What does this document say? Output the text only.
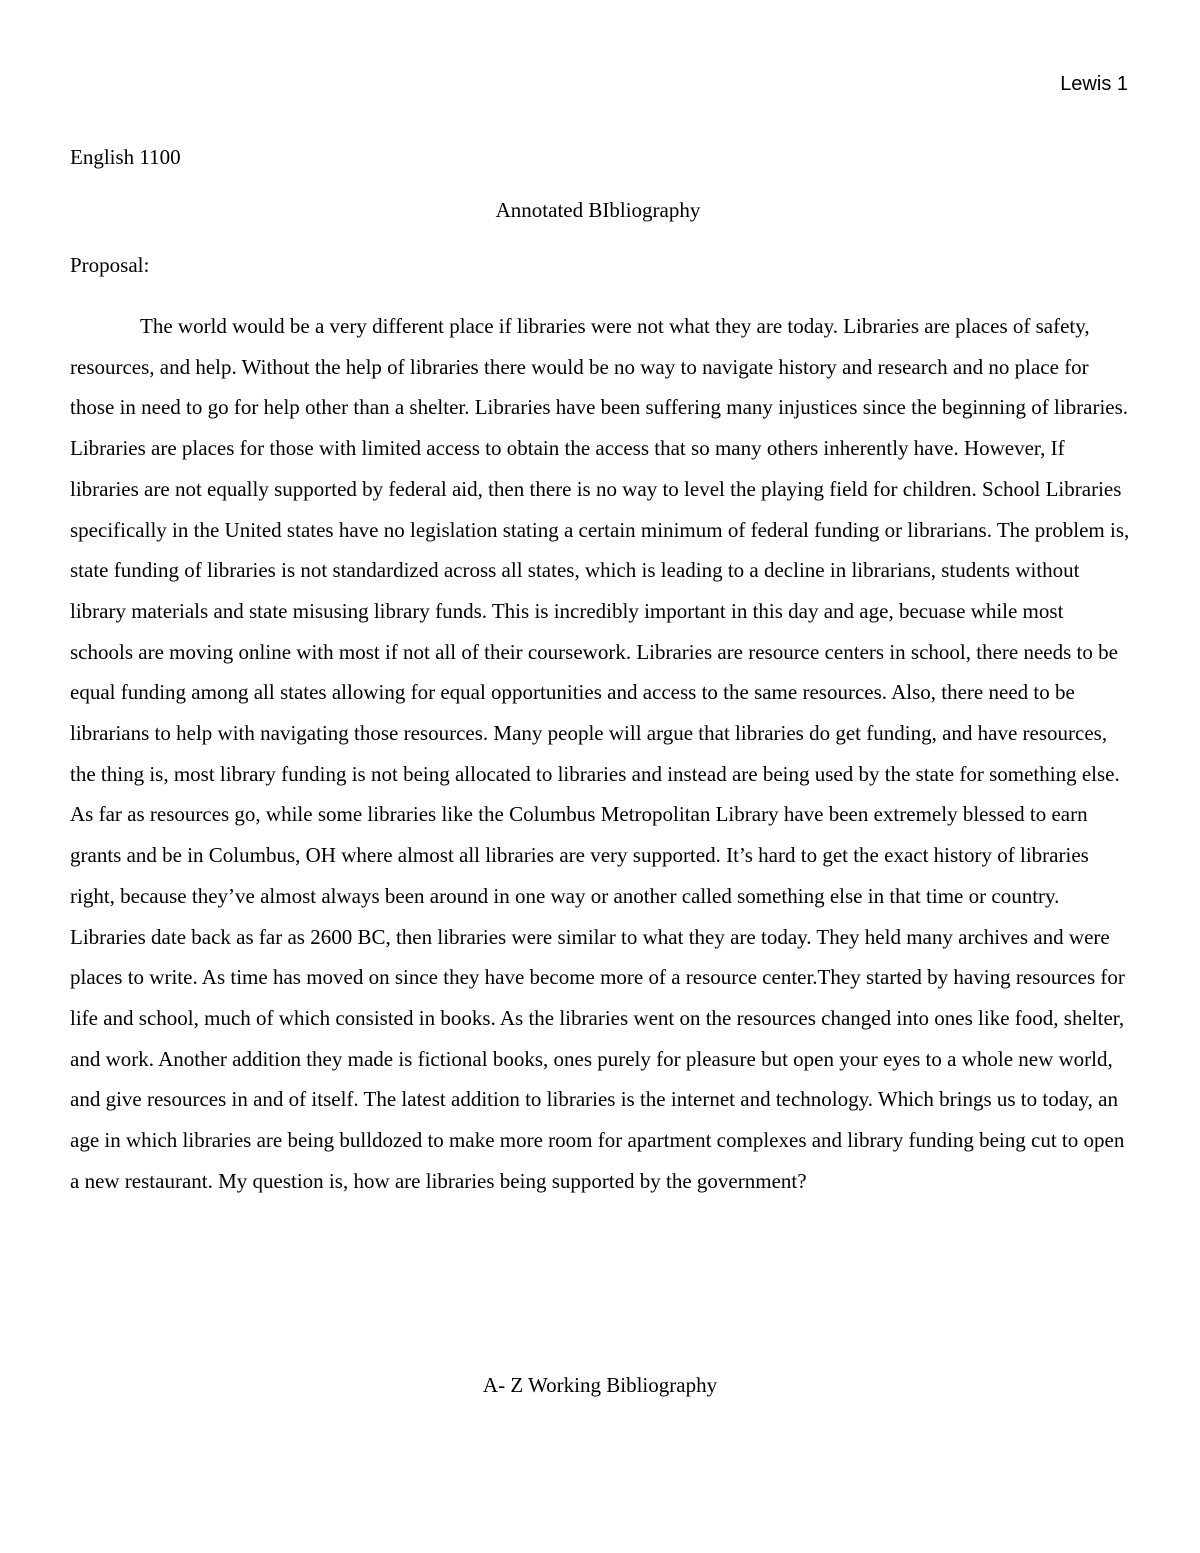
Lewis 1
English 1100
Annotated BIbliography
Proposal:

The world would be a very different place if libraries were not what they are today. Libraries are places of safety, resources, and help. Without the help of libraries there would be no way to navigate history and research and no place for those in need to go for help other than a shelter. Libraries have been suffering many injustices since the beginning of libraries. Libraries are places for those with limited access to obtain the access that so many others inherently have. However, If libraries are not equally supported by federal aid, then there is no way to level the playing field for children. School Libraries specifically in the United states have no legislation stating a certain minimum of federal funding or librarians. The problem is, state funding of libraries is not standardized across all states, which is leading to a decline in librarians, students without library materials and state misusing library funds. This is incredibly important in this day and age, becuase while most schools are moving online with most if not all of their coursework. Libraries are resource centers in school, there needs to be equal funding among all states allowing for equal opportunities and access to the same resources. Also, there need to be librarians to help with navigating those resources. Many people will argue that libraries do get funding, and have resources, the thing is, most library funding is not being allocated to libraries and instead are being used by the state for something else. As far as resources go, while some libraries like the Columbus Metropolitan Library have been extremely blessed to earn grants and be in Columbus, OH where almost all libraries are very supported. It’s hard to get the exact history of libraries right, because they’ve almost always been around in one way or another called something else in that time or country. Libraries date back as far as 2600 BC, then libraries were similar to what they are today. They held many archives and were places to write. As time has moved on since they have become more of a resource center.They started by having resources for life and school, much of which consisted in books. As the libraries went on the resources changed into ones like food, shelter, and work. Another addition they made is fictional books, ones purely for pleasure but open your eyes to a whole new world, and give resources in and of itself. The latest addition to libraries is the internet and technology. Which brings us to today, an age in which libraries are being bulldozed to make more room for apartment complexes and library funding being cut to open a new restaurant. My question is, how are libraries being supported by the government?

A- Z Working Bibliography
